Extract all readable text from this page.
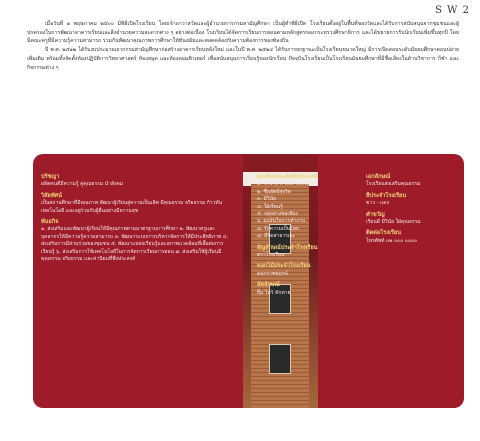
S W 2

เมื่อวันที่ ๑ พฤษภาคม ๒๕๐๐ มีพิธีเปิดโรงเรียน โดยเจ้าอาวาสวัดและผู้อำนวยการกรมสามัญศึกษา เป็นผู้ทำพิธีเปิด โรงเรียนตั้งอยู่ในพื้นที่ของวัดและได้รับการสนับสนุนจากชุมชนและผู้ปกครองในการพัฒนาอาคารเรียนและสิ่งอำนวยความสะดวกต่าง ๆ อย่างต่อเนื่อง โรงเรียนได้จัดการเรียนการสอนตามหลักสูตรของกระทรวงศึกษาธิการ และได้ขยายการรับนักเรียนเพิ่มขึ้นทุกปี โดยมีคณะครูที่มีความรู้ความสามารถ ร่วมกันพัฒนาคุณภาพการศึกษาให้ทันสมัยและสอดคล้องกับความต้องการของท้องถิ่น

ปี พ.ศ. ๒๕๑๒ ได้รับงบประมาณจากกรมสามัญศึกษาก่อสร้างอาคารเรียนหลังใหม่ และในปี พ.ศ. ๒๕๒๔ ได้รับการยกฐานะเป็นโรงเรียนขนาดใหญ่ มีการเปิดสอนระดับมัธยมศึกษาตอนปลายเพิ่มเติม พร้อมทั้งจัดตั้งห้องปฏิบัติการวิทยาศาสตร์ ห้องสมุด และห้องคอมพิวเตอร์ เพื่อสนับสนุนการเรียนรู้ของนักเรียน ปัจจุบันโรงเรียนเป็นโรงเรียนมัธยมศึกษาที่มีชื่อเสียงในด้านวิชาการ กีฬา และกิจกรรมต่าง ๆ

ปรัชญา
ผลิตคนดีมีความรู้ คู่คุณธรรม นำสังคม
วิสัยทัศน์
เป็นสถานศึกษาที่มีคุณภาพ พัฒนาผู้เรียนสู่ความเป็นเลิศ มีคุณธรรม จริยธรรม ก้าวทันเทคโนโลยี และอยู่ร่วมกับผู้อื่นอย่างมีความสุข
พันธกิจ
๑. ส่งเสริมและพัฒนาผู้เรียนให้มีคุณภาพตามมาตรฐานการศึกษา ๒. พัฒนาครูและบุคลากรให้มีความรู้ความสามารถ ๓. พัฒนาระบบการบริหารจัดการให้มีประสิทธิภาพ ๔. ส่งเสริมการมีส่วนร่วมของชุมชน ๕. พัฒนาแหล่งเรียนรู้และสภาพแวดล้อมที่เอื้อต่อการเรียนรู้ ๖. ส่งเสริมการใช้เทคโนโลยีในการจัดการเรียนการสอน ๗. ส่งเสริมให้ผู้เรียนมีคุณธรรม จริยธรรม และค่านิยมที่พึงประสงค์
คุณลักษณะอันพึงประสงค์
๑. รักชาติ ศาสน์ กษัตริย์
๒. ซื่อสัตย์สุจริต
๓. มีวินัย
๔. ใฝ่เรียนรู้
๕. อยู่อย่างพอเพียง
๖. มุ่งมั่นในการทำงาน
๗. รักความเป็นไทย
๘. มีจิตสาธารณะ
สัญลักษณ์ประจำโรงเรียน
ตราโรงเรียน
ดอกไม้ประจำโรงเรียน
ดอกราชพฤกษ์
อัตลักษณ์
ยิ้ม ไหว้ ทักทาย
เอกลักษณ์
โรงเรียนส่งเสริมคุณธรรม
สีประจำโรงเรียน
ขาว - แดง
คำขวัญ
เรียนดี มีวินัย ใฝ่คุณธรรม
ติดต่อโรงเรียน
โทรศัพท์ ๐๒ ๐๐๐ ๐๐๐๐
